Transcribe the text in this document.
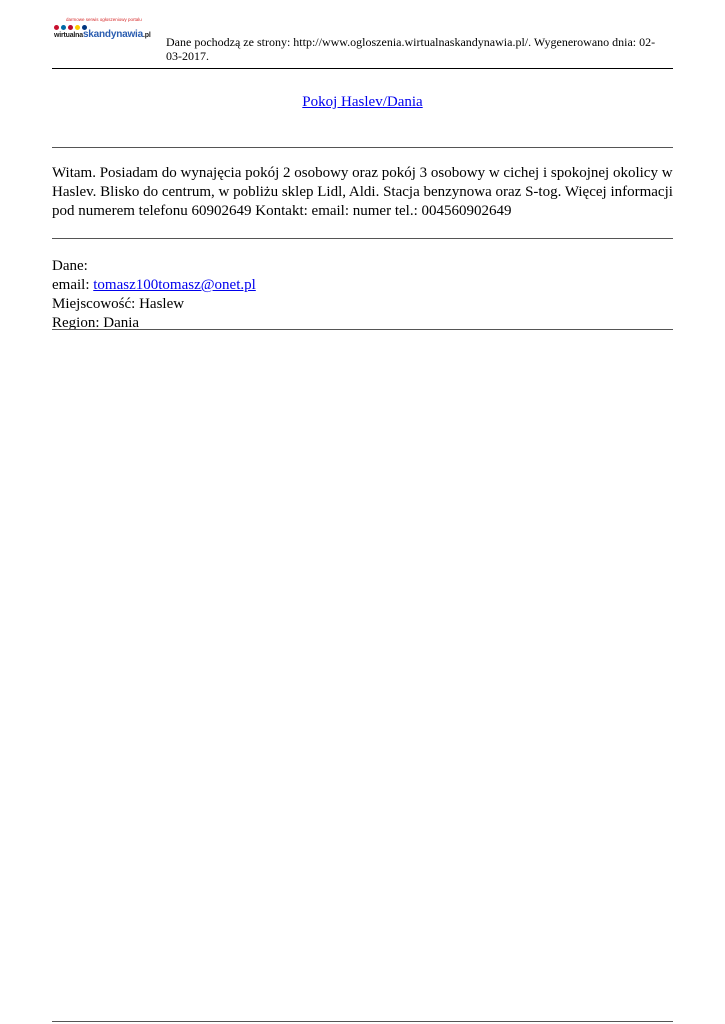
darmowe serwis ogłoszeniowy portalu
wirtualnaskandynawia.pl Dane pochodzą ze strony: http://www.ogloszenia.wirtualnaskandynawia.pl/. Wygenerowano dnia: 02-03-2017.
Pokoj Haslev/Dania
Witam. Posiadam do wynajęcia pokój 2 osobowy oraz pokój 3 osobowy w cichej i spokojnej okolicy w Haslev. Blisko do centrum, w pobliżu sklep Lidl, Aldi. Stacja benzynowa oraz S-tog. Więcej informacji pod numerem telefonu 60902649 Kontakt: email: numer tel.: 004560902649
Dane:
email: tomasz100tomasz@onet.pl
Miejscowość: Haslew
Region: Dania
